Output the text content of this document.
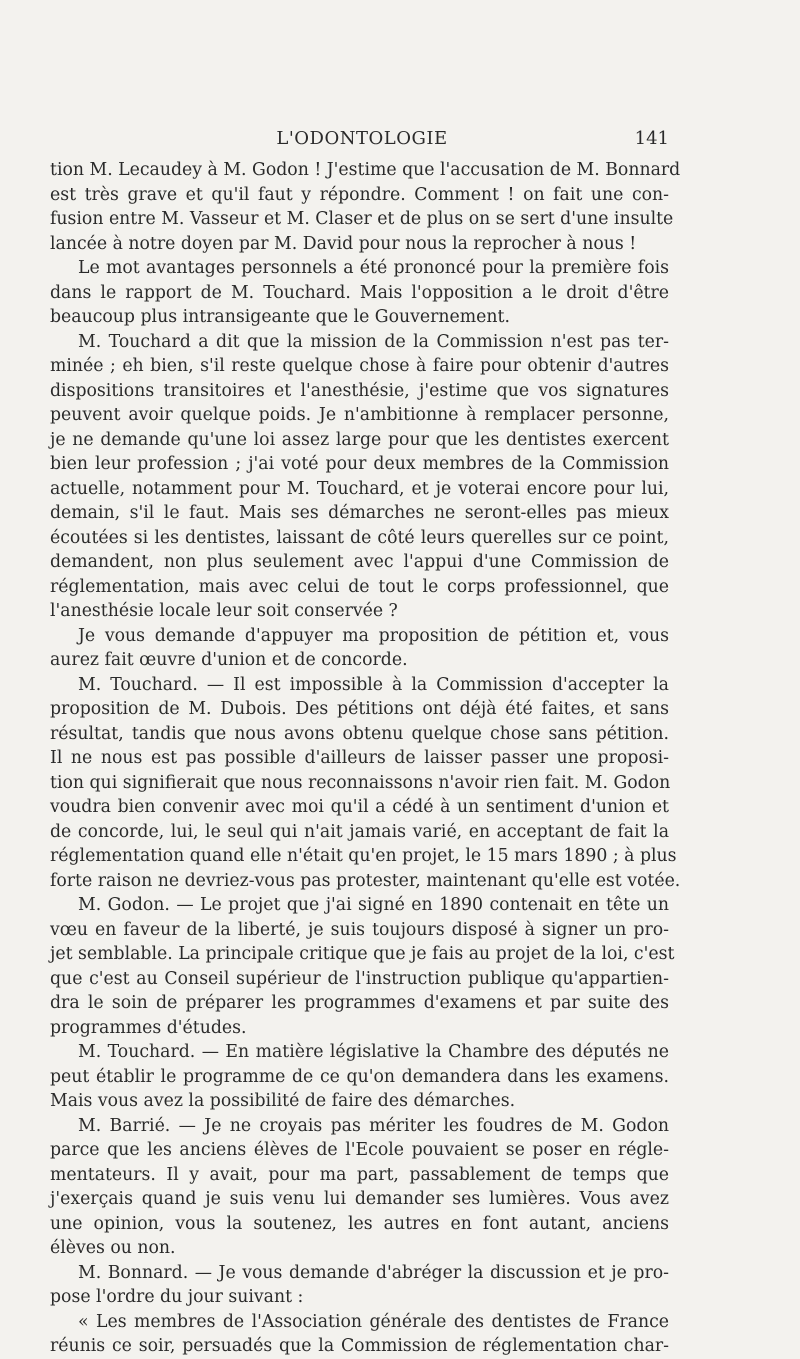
L'ODONTOLOGIE	141
tion M. Lecaudey à M. Godon ! J'estime que l'accusation de M. Bonnard
est très grave et qu'il faut y répondre. Comment ! on fait une con-
fusion entre M. Vasseur et M. Claser et de plus on se sert d'une insulte
lancée à notre doyen par M. David pour nous la reprocher à nous !
Le mot avantages personnels a été prononcé pour la première fois
dans le rapport de M. Touchard. Mais l'opposition a le droit d'être
beaucoup plus intransigeante que le Gouvernement.
M. Touchard a dit que la mission de la Commission n'est pas ter-
minée ; eh bien, s'il reste quelque chose à faire pour obtenir d'autres
dispositions transitoires et l'anesthésie, j'estime que vos signatures
peuvent avoir quelque poids. Je n'ambitionne à remplacer personne,
je ne demande qu'une loi assez large pour que les dentistes exercent
bien leur profession ; j'ai voté pour deux membres de la Commission
actuelle, notamment pour M. Touchard, et je voterai encore pour lui,
demain, s'il le faut. Mais ses démarches ne seront-elles pas mieux
écoutées si les dentistes, laissant de côté leurs querelles sur ce point,
demandent, non plus seulement avec l'appui d'une Commission de
réglementation, mais avec celui de tout le corps professionnel, que
l'anesthésie locale leur soit conservée ?
Je vous demande d'appuyer ma proposition de pétition et, vous
aurez fait œuvre d'union et de concorde.
M. Touchard. — Il est impossible à la Commission d'accepter la
proposition de M. Dubois. Des pétitions ont déjà été faites, et sans
résultat, tandis que nous avons obtenu quelque chose sans pétition.
Il ne nous est pas possible d'ailleurs de laisser passer une proposi-
tion qui signifierait que nous reconnaissons n'avoir rien fait. M. Godon
voudra bien convenir avec moi qu'il a cédé à un sentiment d'union et
de concorde, lui, le seul qui n'ait jamais varié, en acceptant de fait la
réglementation quand elle n'était qu'en projet, le 15 mars 1890 ; à plus
forte raison ne devriez-vous pas protester, maintenant qu'elle est votée.
M. Godon. — Le projet que j'ai signé en 1890 contenait en tête un
vœu en faveur de la liberté, je suis toujours disposé à signer un pro-
jet semblable. La principale critique que je fais au projet de la loi, c'est
que c'est au Conseil supérieur de l'instruction publique qu'appartien-
dra le soin de préparer les programmes d'examens et par suite des
programmes d'études.
M. Touchard. — En matière législative la Chambre des députés ne
peut établir le programme de ce qu'on demandera dans les examens.
Mais vous avez la possibilité de faire des démarches.
M. Barrié. — Je ne croyais pas mériter les foudres de M. Godon
parce que les anciens élèves de l'Ecole pouvaient se poser en régle-
mentateurs. Il y avait, pour ma part, passablement de temps que
j'exerçais quand je suis venu lui demander ses lumières. Vous avez
une opinion, vous la soutenez, les autres en font autant, anciens
élèves ou non.
M. Bonnard. — Je vous demande d'abréger la discussion et je pro-
pose l'ordre du jour suivant :
« Les membres de l'Association générale des dentistes de France
réunis ce soir, persuadés que la Commission de réglementation char-
